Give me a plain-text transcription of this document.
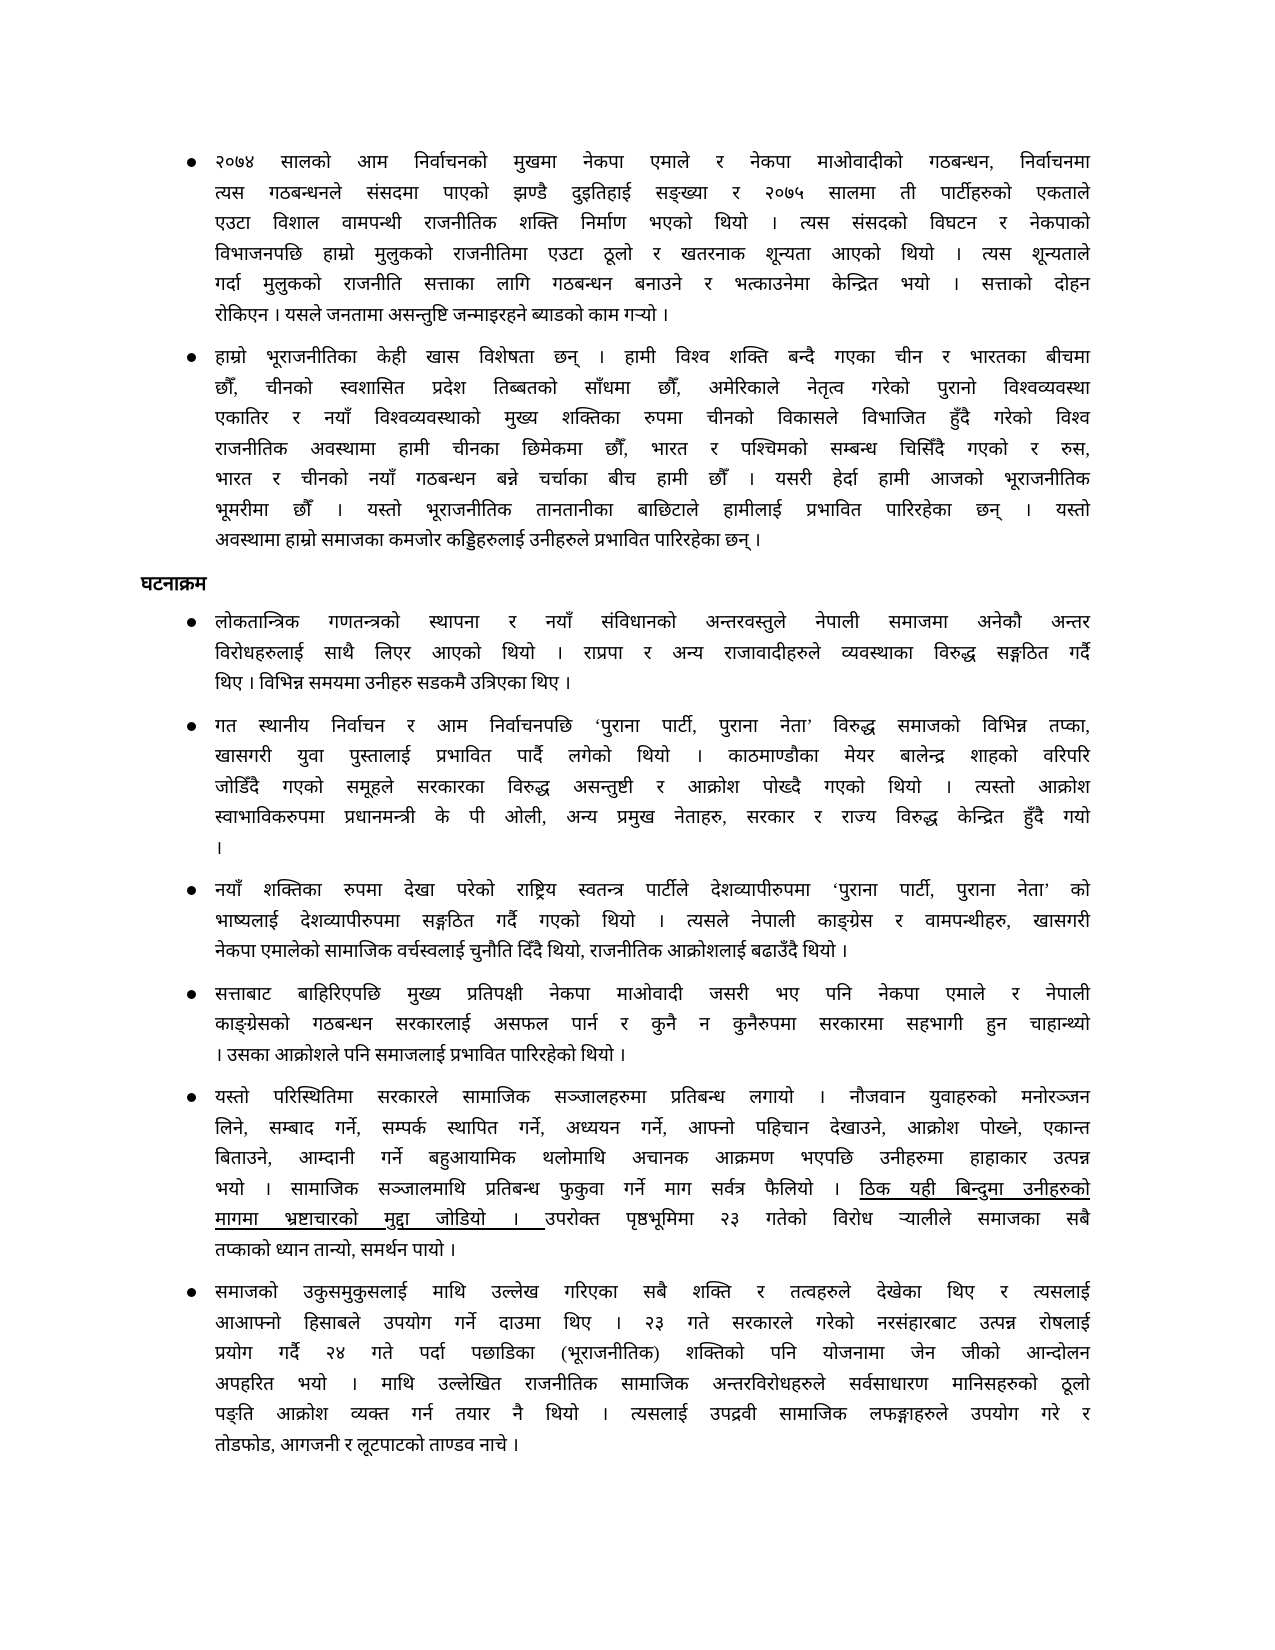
२०७४ सालको आम निर्वाचनको मुखमा नेकपा एमाले र नेकपा माओवादीको गठबन्धन, निर्वाचनमा
त्यस गठबन्धनले संसदमा पाएको झण्डै दुइतिहाई सङ्ख्या र २०७५ सालमा ती पार्टीहरुको एकताले
एउटा विशाल वामपन्थी राजनीतिक शक्ति निर्माण भएको थियो । त्यस संसदको विघटन र नेकपाको
विभाजनपछि हाम्रो मुलुकको राजनीतिमा एउटा ठूलो र खतरनाक शून्यता आएको थियो । त्यस शून्यताले
गर्दा मुलुकको राजनीति सत्ताका लागि गठबन्धन बनाउने र भत्काउनेमा केन्द्रित भयो । सत्ताको दोहन
रोकिएन । यसले जनतामा असन्तुष्टि जन्माइरहने ब्याडको काम गऱ्यो ।
हाम्रो भूराजनीतिका केही खास विशेषता छन् । हामी विश्व शक्ति बन्दै गएका चीन र भारतका बीचमा
छौँ, चीनको स्वशासित प्रदेश तिब्बतको साँधमा छौँ, अमेरिकाले नेतृत्व गरेको पुरानो विश्वव्यवस्था
एकातिर र नयाँ विश्वव्यवस्थाको मुख्य शक्तिका रुपमा चीनको विकासले विभाजित हुँदै गरेको विश्व
राजनीतिक अवस्थामा हामी चीनका छिमेकमा छौँ, भारत र पश्चिमको सम्बन्ध चिसिँदै गएको र रुस,
भारत र चीनको नयाँ गठबन्धन बन्ने चर्चाका बीच हामी छौँ । यसरी हेर्दा हामी आजको भूराजनीतिक
भूमरीमा छौँ । यस्तो भूराजनीतिक तानतानीका बाछिटाले हामीलाई प्रभावित पारिरहेका छन् । यस्तो
अवस्थामा हाम्रो समाजका कमजोर कड्डिहरुलाई उनीहरुले प्रभावित पारिरहेका छन् ।
घटनाक्रम
लोकतान्त्रिक गणतन्त्रको स्थापना र नयाँ संविधानको अन्तरवस्तुले नेपाली समाजमा अनेकौ अन्तर
विरोधहरुलाई साथै लिएर आएको थियो । राप्रपा र अन्य राजावादीहरुले व्यवस्थाका विरुद्ध सङ्गठित गर्दै
थिए । विभिन्न समयमा उनीहरु सडकमै उत्रिएका थिए ।
गत स्थानीय निर्वाचन र आम निर्वाचनपछि ‘पुराना पार्टी, पुराना नेता’ विरुद्ध समाजको विभिन्न तप्का,
खासगरी युवा पुस्तालाई प्रभावित पार्दै लगेको थियो । काठमाण्डौका मेयर बालेन्द्र शाहको वरिपरि
जोडिँदै गएको समूहले सरकारका विरुद्ध असन्तुष्टी र आक्रोश पोख्दै गएको थियो । त्यस्तो आक्रोश
स्वाभाविकरुपमा प्रधानमन्त्री के पी ओली, अन्य प्रमुख नेताहरु, सरकार र राज्य विरुद्ध केन्द्रित हुँदै गयो
।
नयाँ शक्तिका रुपमा देखा परेको राष्ट्रिय स्वतन्त्र पार्टीले देशव्यापीरुपमा ‘पुराना पार्टी, पुराना नेता’ को
भाष्यलाई देशव्यापीरुपमा सङ्गठित गर्दै गएको थियो । त्यसले नेपाली काङ्ग्रेस र वामपन्थीहरु, खासगरी
नेकपा एमालेको सामाजिक वर्चस्वलाई चुनौति दिँदै थियो, राजनीतिक आक्रोशलाई बढाउँदै थियो ।
सत्ताबाट बाहिरिएपछि मुख्य प्रतिपक्षी नेकपा माओवादी जसरी भए पनि नेकपा एमाले र नेपाली
काङ्ग्रेसको गठबन्धन सरकारलाई असफल पार्न र कुनै न कुनैरुपमा सरकारमा सहभागी हुन चाहान्थ्यो
। उसका आक्रोशले पनि समाजलाई प्रभावित पारिरहेको थियो ।
यस्तो परिस्थितिमा सरकारले सामाजिक सञ्जालहरुमा प्रतिबन्ध लगायो । नौजवान युवाहरुको मनोरञ्जन
लिने, सम्बाद गर्ने, सम्पर्क स्थापित गर्ने, अध्ययन गर्ने, आफ्नो पहिचान देखाउने, आक्रोश पोख्ने, एकान्त
बिताउने, आम्दानी गर्ने बहुआयामिक थलोमाथि अचानक आक्रमण भएपछि उनीहरुमा हाहाकार उत्पन्न
भयो । सामाजिक सञ्जालमाथि प्रतिबन्ध फुकुवा गर्ने माग सर्वत्र फैलियो । ठिक यही बिन्दुमा उनीहरुको
मागमा भ्रष्टाचारको मुद्दा जोडियो । उपरोक्त पृष्ठभूमिमा २३ गतेको विरोध ऱ्यालीले समाजका सबै
तप्काको ध्यान तान्यो, समर्थन पायो ।
समाजको उकुसमुकुसलाई माथि उल्लेख गरिएका सबै शक्ति र तत्वहरुले देखेका थिए र त्यसलाई
आआफ्नो हिसाबले उपयोग गर्ने दाउमा थिए । २३ गते सरकारले गरेको नरसंहारबाट उत्पन्न रोषलाई
प्रयोग गर्दै २४ गते पर्दा पछाडिका (भूराजनीतिक) शक्तिको पनि योजनामा जेन जीको आन्दोलन
अपहरित भयो । माथि उल्लेखित राजनीतिक सामाजिक अन्तरविरोधहरुले सर्वसाधारण मानिसहरुको ठूलो
पङ्ति आक्रोश व्यक्त गर्न तयार नै थियो । त्यसलाई उपद्रवी सामाजिक लफङ्गाहरुले उपयोग गरे र
तोडफोड, आगजनी र लूटपाटको ताण्डव नाचे ।
